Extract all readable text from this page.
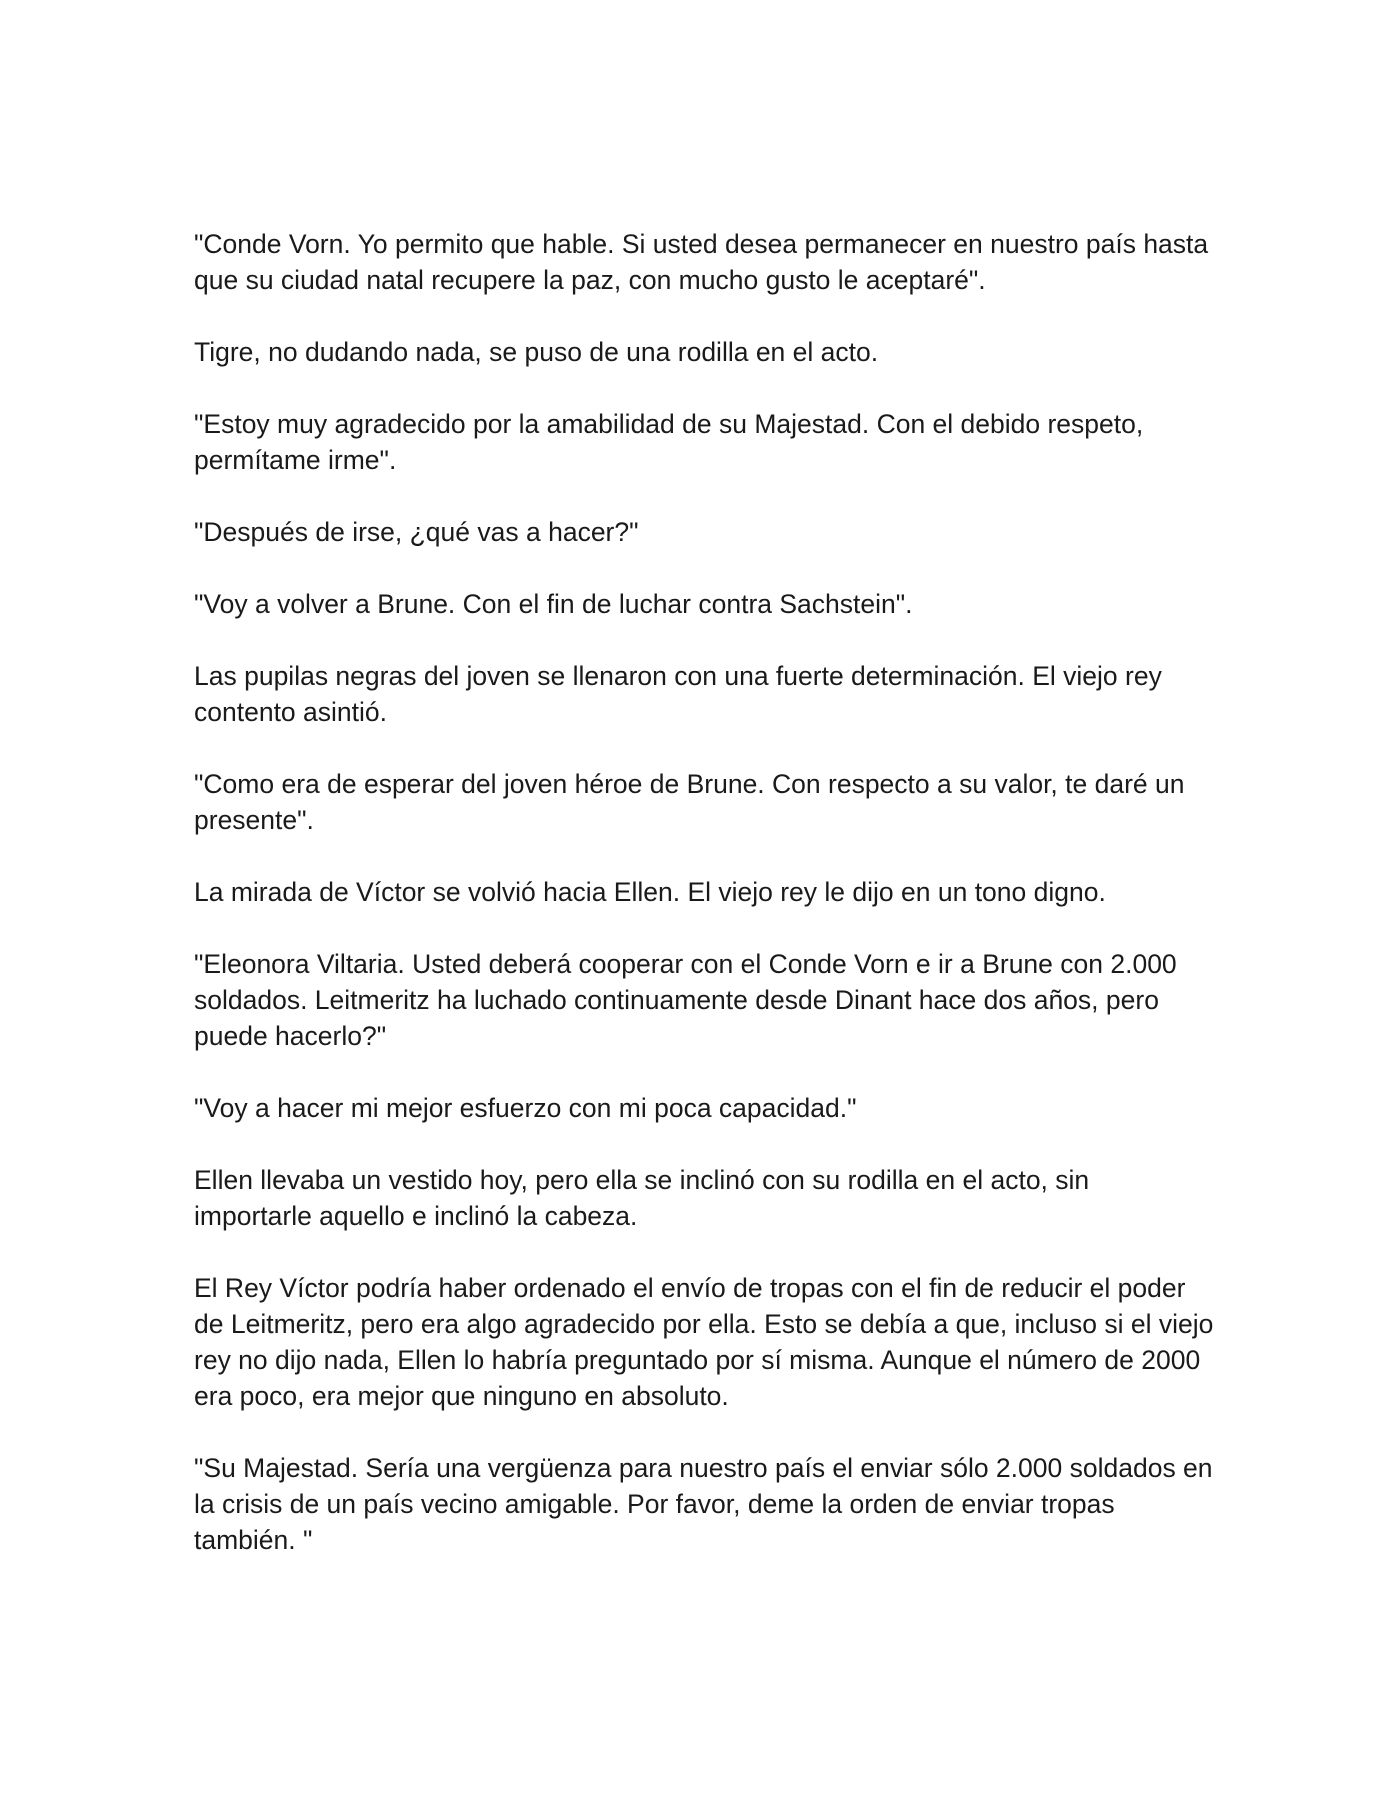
"Conde Vorn. Yo permito que hable. Si usted desea permanecer en nuestro país hasta que su ciudad natal recupere la paz, con mucho gusto le aceptaré".

Tigre, no dudando nada, se puso de una rodilla en el acto.

"Estoy muy agradecido por la amabilidad de su Majestad. Con el debido respeto, permítame irme".

"Después de irse, ¿qué vas a hacer?"

"Voy a volver a Brune. Con el fin de luchar contra Sachstein".

Las pupilas negras del joven se llenaron con una fuerte determinación. El viejo rey contento asintió.

"Como era de esperar del joven héroe de Brune. Con respecto a su valor, te daré un presente".

La mirada de Víctor se volvió hacia Ellen. El viejo rey le dijo en un tono digno.

"Eleonora Viltaria. Usted deberá cooperar con el Conde Vorn e ir a Brune con 2.000 soldados. Leitmeritz ha luchado continuamente desde Dinant hace dos años, pero puede hacerlo?"

"Voy a hacer mi mejor esfuerzo con mi poca capacidad."

Ellen llevaba un vestido hoy, pero ella se inclinó con su rodilla en el acto, sin importarle aquello e inclinó la cabeza.

El Rey Víctor podría haber ordenado el envío de tropas con el fin de reducir el poder de Leitmeritz, pero era algo agradecido por ella. Esto se debía a que, incluso si el viejo rey no dijo nada, Ellen lo habría preguntado por sí misma. Aunque el número de 2000 era poco, era mejor que ninguno en absoluto.

"Su Majestad. Sería una vergüenza para nuestro país el enviar sólo 2.000 soldados en la crisis de un país vecino amigable. Por favor, deme la orden de enviar tropas también. "
